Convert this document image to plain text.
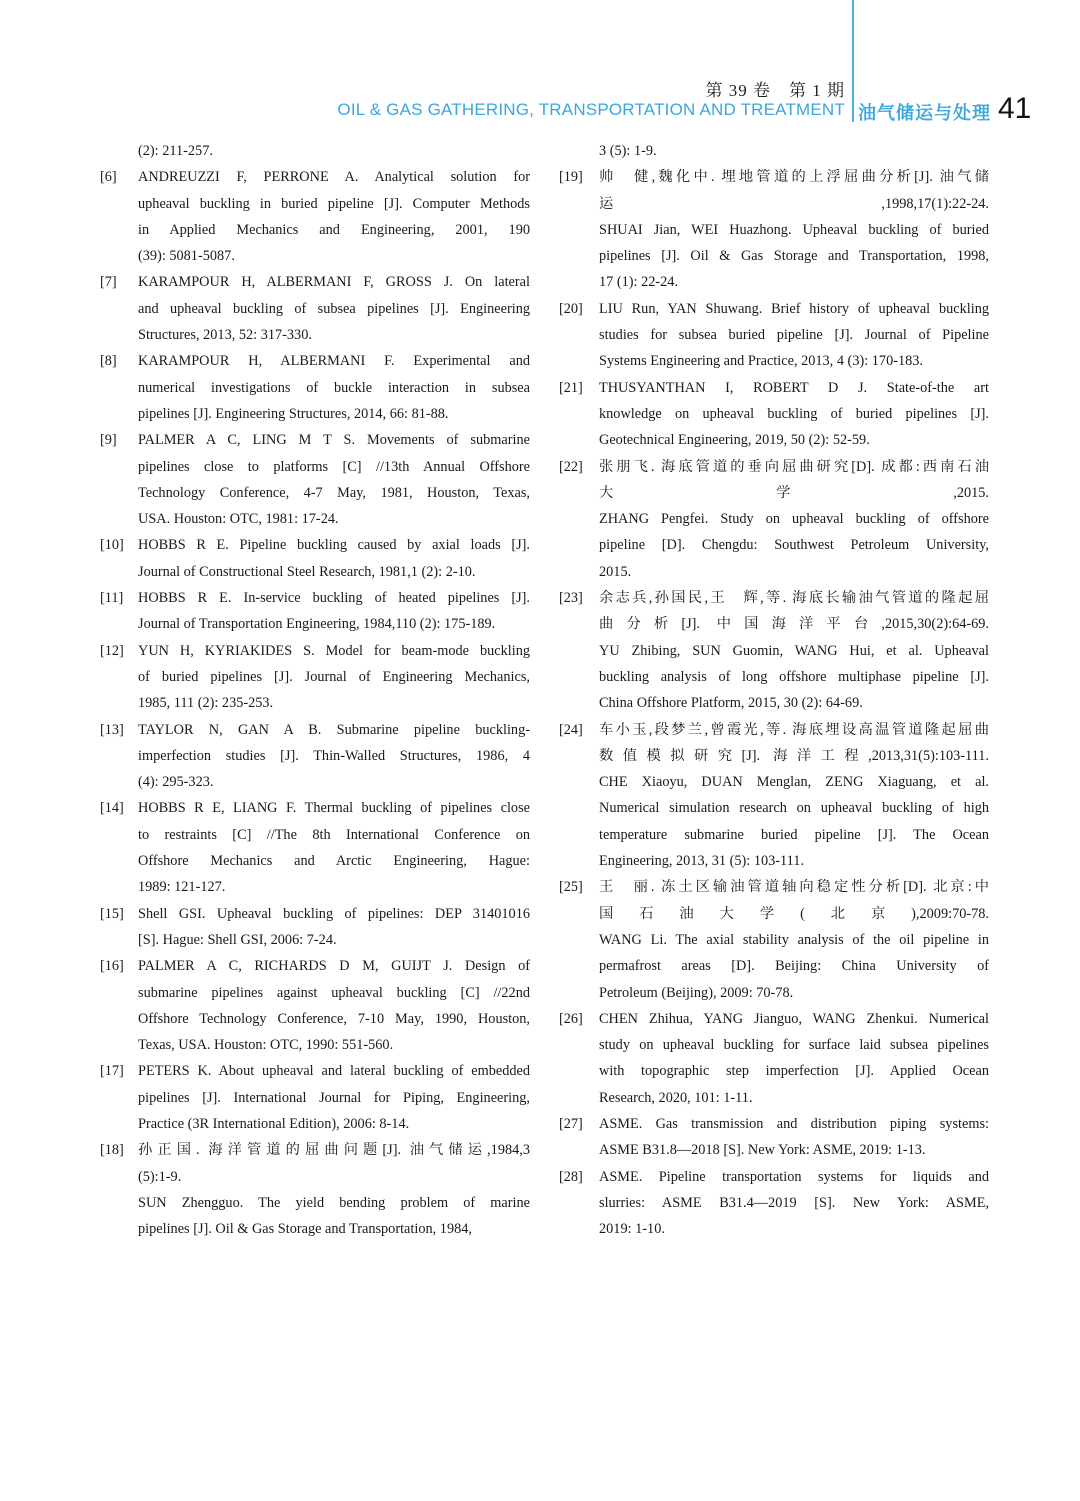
第 39 卷　第 1 期
OIL & GAS GATHERING, TRANSPORTATION AND TREATMENT 油气储运与处理 41
(2): 211-257.
[6] ANDREUZZI F, PERRONE A. Analytical solution for
upheaval buckling in buried pipeline [J]. Computer Methods
in Applied Mechanics and Engineering, 2001, 190
(39): 5081-5087.
[7] KARAMPOUR H, ALBERMANI F, GROSS J. On lateral
and upheaval buckling of subsea pipelines [J]. Engineering
Structures, 2013, 52: 317-330.
[8] KARAMPOUR H, ALBERMANI F. Experimental and
numerical investigations of buckle interaction in subsea
pipelines [J]. Engineering Structures, 2014, 66: 81-88.
[9] PALMER A C, LING M T S. Movements of submarine
pipelines close to platforms [C] //13th Annual Offshore
Technology Conference, 4-7 May, 1981, Houston, Texas,
USA. Houston: OTC, 1981: 17-24.
[10] HOBBS R E. Pipeline buckling caused by axial loads [J].
Journal of Constructional Steel Research, 1981,1 (2): 2-10.
[11] HOBBS R E. In-service buckling of heated pipelines [J].
Journal of Transportation Engineering, 1984,110 (2): 175-189.
[12] YUN H, KYRIAKIDES S. Model for beam-mode buckling
of buried pipelines [J]. Journal of Engineering Mechanics,
1985, 111 (2): 235-253.
[13] TAYLOR N, GAN A B. Submarine pipeline buckling-
imperfection studies [J]. Thin-Walled Structures, 1986, 4
(4): 295-323.
[14] HOBBS R E, LIANG F. Thermal buckling of pipelines close
to restraints [C] //The 8th International Conference on
Offshore Mechanics and Arctic Engineering, Hague:
1989: 121-127.
[15] Shell GSI. Upheaval buckling of pipelines: DEP 31401016
[S]. Hague: Shell GSI, 2006: 7-24.
[16] PALMER A C, RICHARDS D M, GUIJT J. Design of
submarine pipelines against upheaval buckling [C] //22nd
Offshore Technology Conference, 7-10 May, 1990, Houston,
Texas, USA. Houston: OTC, 1990: 551-560.
[17] PETERS K. About upheaval and lateral buckling of embedded
pipelines [J]. International Journal for Piping, Engineering,
Practice (3R International Edition), 2006: 8-14.
[18] 孙正国. 海洋管道的屈曲问题[J]. 油气储运,1984,3
(5):1-9.
SUN Zhengguo. The yield bending problem of marine
pipelines [J]. Oil & Gas Storage and Transportation, 1984,
3 (5): 1-9.
[19] 帅　健,魏化中. 埋地管道的上浮屈曲分析[J]. 油气储
运,1998,17(1):22-24.
SHUAI Jian, WEI Huazhong. Upheaval buckling of buried
pipelines [J]. Oil & Gas Storage and Transportation, 1998,
17 (1): 22-24.
[20] LIU Run, YAN Shuwang. Brief history of upheaval buckling
studies for subsea buried pipeline [J]. Journal of Pipeline
Systems Engineering and Practice, 2013, 4 (3): 170-183.
[21] THUSYANTHAN I, ROBERT D J. State-of-the art
knowledge on upheaval buckling of buried pipelines [J].
Geotechnical Engineering, 2019, 50 (2): 52-59.
[22] 张朋飞. 海底管道的垂向屈曲研究[D]. 成都:西南石油
大学,2015.
ZHANG Pengfei. Study on upheaval buckling of offshore
pipeline [D]. Chengdu: Southwest Petroleum University,
2015.
[23] 余志兵,孙国民,王　辉,等. 海底长输油气管道的隆起屈
曲分析[J]. 中国海洋平台,2015,30(2):64-69.
YU Zhibing, SUN Guomin, WANG Hui, et al. Upheaval
buckling analysis of long offshore multiphase pipeline [J].
China Offshore Platform, 2015, 30 (2): 64-69.
[24] 车小玉,段梦兰,曾霞光,等. 海底埋设高温管道隆起屈曲
数值模拟研究[J]. 海洋工程,2013,31(5):103-111.
CHE Xiaoyu, DUAN Menglan, ZENG Xiaguang, et al.
Numerical simulation research on upheaval buckling of high
temperature submarine buried pipeline [J]. The Ocean
Engineering, 2013, 31 (5): 103-111.
[25] 王　丽. 冻土区输油管道轴向稳定性分析[D]. 北京:中
国石油大学(北京),2009:70-78.
WANG Li. The axial stability analysis of the oil pipeline in
permafrost areas [D]. Beijing: China University of
Petroleum (Beijing), 2009: 70-78.
[26] CHEN Zhihua, YANG Jianguo, WANG Zhenkui. Numerical
study on upheaval buckling for surface laid subsea pipelines
with topographic step imperfection [J]. Applied Ocean
Research, 2020, 101: 1-11.
[27] ASME. Gas transmission and distribution piping systems:
ASME B31.8—2018 [S]. New York: ASME, 2019: 1-13.
[28] ASME. Pipeline transportation systems for liquids and
slurries: ASME B31.4—2019 [S]. New York: ASME,
2019: 1-10.
